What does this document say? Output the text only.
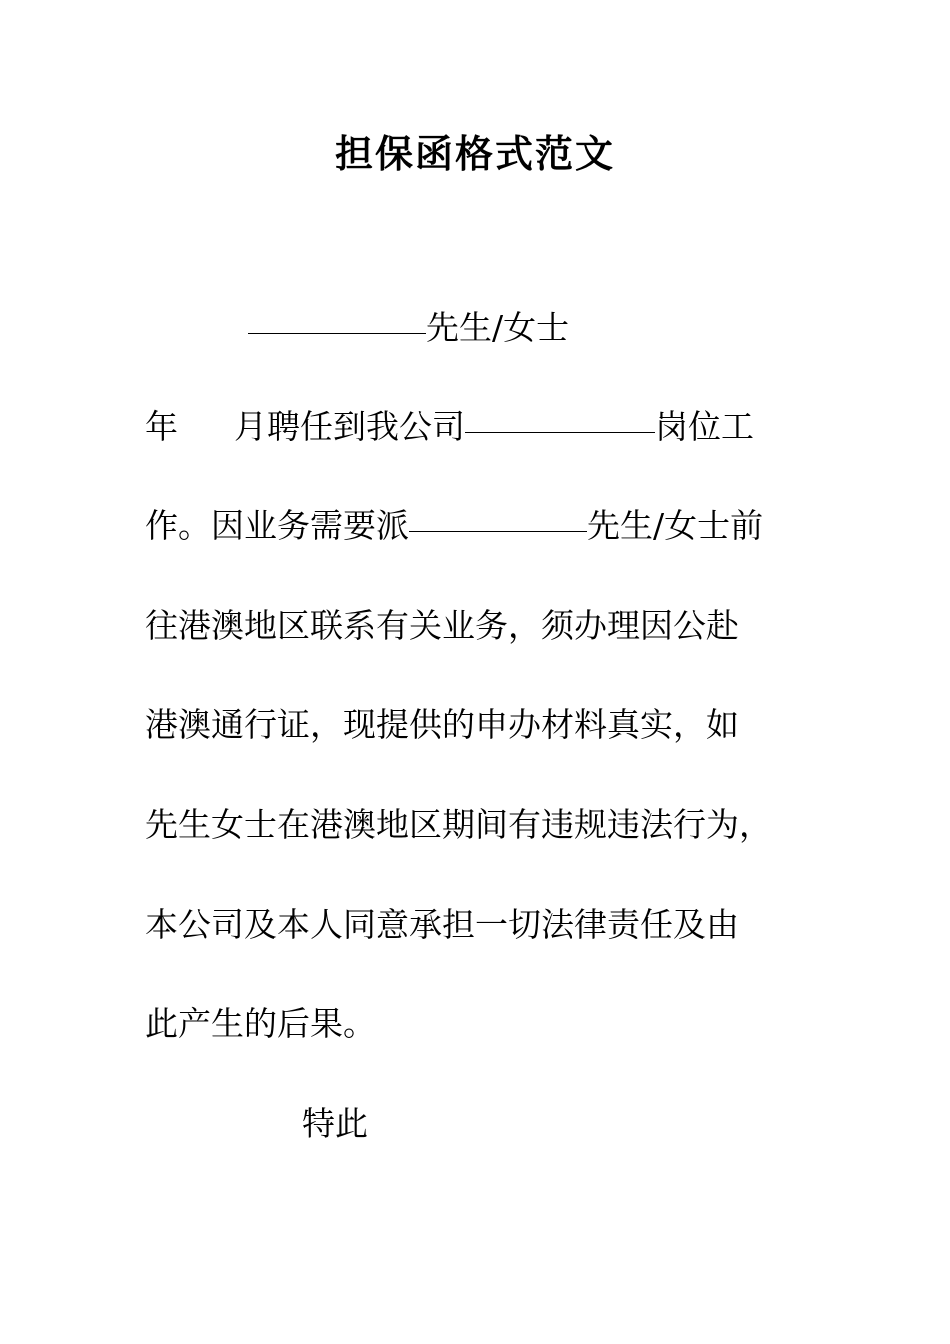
担保函格式范文
先生/女士
年 月聘任到我公司	岗位工
作。因业务需要派	先生/女士前
往港澳地区联系有关业务，须办理因公赴
港澳通行证，现提供的申办材料真实，如
先生女士在港澳地区期间有违规违法行为，
本公司及本人同意承担一切法律责任及由
此产生的后果。
特此
